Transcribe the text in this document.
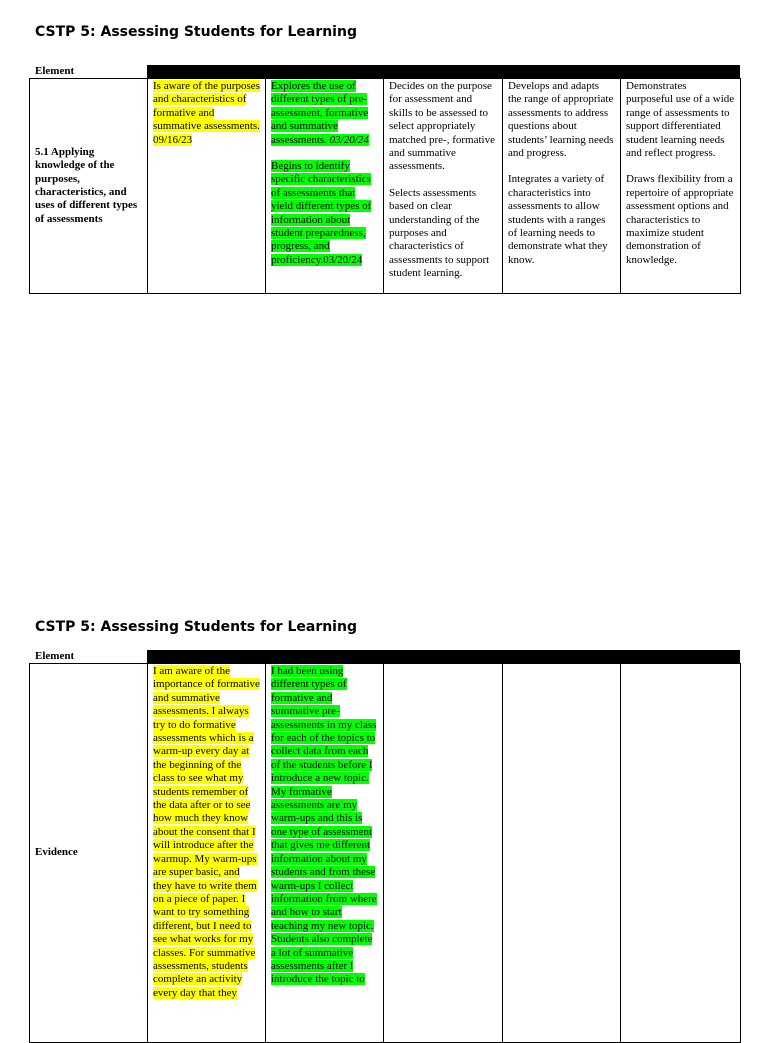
CSTP 5: Assessing Students for Learning
Element
5.1 Applying knowledge of the purposes, characteristics, and uses of different types of assessments
Is aware of the purposes and characteristics of formative and summative assessments. 09/16/23
Explores the use of different types of pre-assessment, formative and summative assessments. 03/20/24
Begins to identify specific characteristics of assessments that yield different types of information about student preparedness, progress, and proficiency.03/20/24
Decides on the purpose for assessment and skills to be assessed to select appropriately matched pre-, formative and summative assessments.
Selects assessments based on clear understanding of the purposes and characteristics of assessments to support student learning.
Develops and adapts the range of appropriate assessments to address questions about students’ learning needs and progress.
Integrates a variety of characteristics into assessments to allow students with a ranges of learning needs to demonstrate what they know.
Demonstrates purposeful use of a wide range of assessments to support differentiated student learning needs and reflect progress.
Draws flexibility from a repertoire of appropriate assessment options and characteristics to maximize student demonstration of knowledge.
CSTP 5: Assessing Students for Learning
Element
Evidence
I am aware of the importance of formative and summative assessments. I always try to do formative assessments which is a warm-up every day at the beginning of the class to see what my students remember of the data after or to see how much they know about the consent that I will introduce after the warmup. My warm-ups are super basic, and they have to write them on a piece of paper. I want to try something different, but I need to see what works for my classes. For summative assessments, students complete an activity every day that they
I had been using different types of formative and summative pre-assessments in my class for each of the topics to collect data from each of the students before I introduce a new topic. My formative assessments are my warm-ups and this is one type of assessment that gives me different information about my students and from these warm-ups I collect information from where and how to start teaching my new topic. Students also complete a lot of summative assessments after I introduce the topic to
